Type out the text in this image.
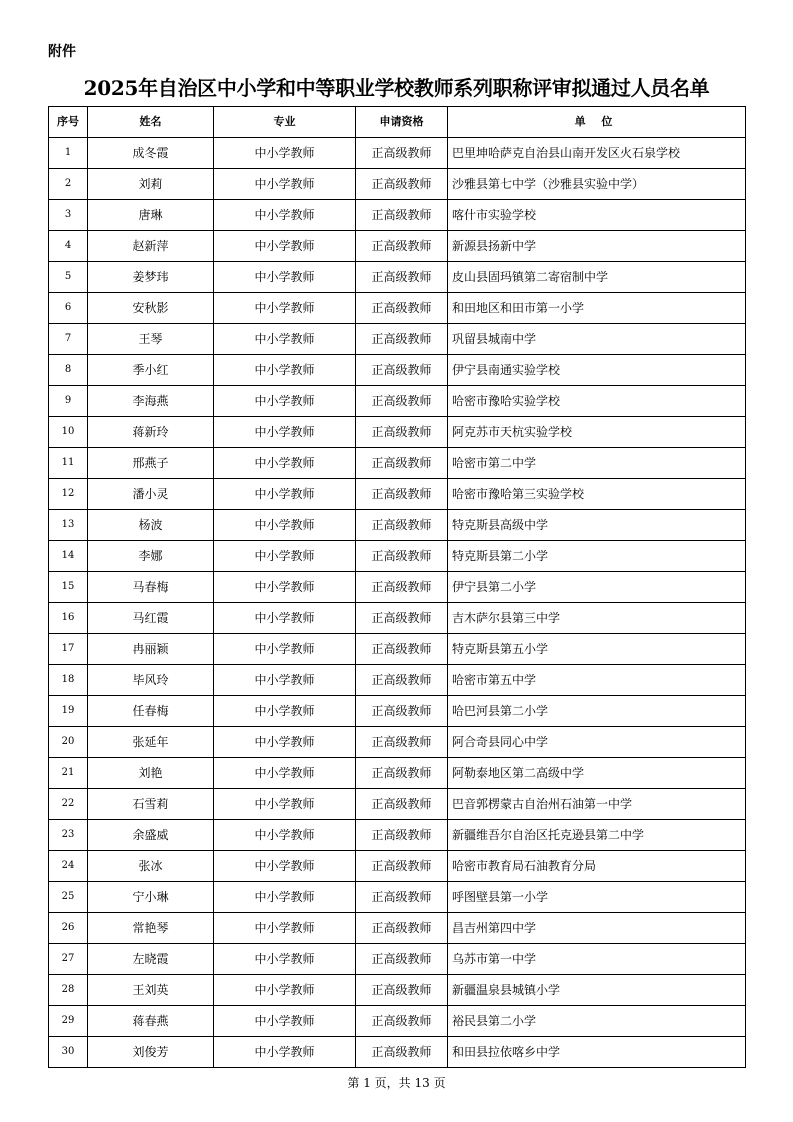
附件
2025年自治区中小学和中等职业学校教师系列职称评审拟通过人员名单
序号	姓名	专业	申请资格	单 位
1	成冬霞	中小学教师	正高级教师	巴里坤哈萨克自治县山南开发区火石泉学校
2	刘莉	中小学教师	正高级教师	沙雅县第七中学（沙雅县实验中学）
3	唐琳	中小学教师	正高级教师	喀什市实验学校
4	赵新萍	中小学教师	正高级教师	新源县扬新中学
5	姜梦玮	中小学教师	正高级教师	皮山县固玛镇第二寄宿制中学
6	安秋影	中小学教师	正高级教师	和田地区和田市第一小学
7	王琴	中小学教师	正高级教师	巩留县城南中学
8	季小红	中小学教师	正高级教师	伊宁县南通实验学校
9	李海燕	中小学教师	正高级教师	哈密市豫哈实验学校
10	蒋新玲	中小学教师	正高级教师	阿克苏市天杭实验学校
11	邢燕子	中小学教师	正高级教师	哈密市第二中学
12	潘小灵	中小学教师	正高级教师	哈密市豫哈第三实验学校
13	杨波	中小学教师	正高级教师	特克斯县高级中学
14	李娜	中小学教师	正高级教师	特克斯县第二小学
15	马春梅	中小学教师	正高级教师	伊宁县第二小学
16	马红霞	中小学教师	正高级教师	吉木萨尔县第三中学
17	冉丽颖	中小学教师	正高级教师	特克斯县第五小学
18	毕风玲	中小学教师	正高级教师	哈密市第五中学
19	任春梅	中小学教师	正高级教师	哈巴河县第二小学
20	张延年	中小学教师	正高级教师	阿合奇县同心中学
21	刘艳	中小学教师	正高级教师	阿勒泰地区第二高级中学
22	石雪莉	中小学教师	正高级教师	巴音郭楞蒙古自治州石油第一中学
23	余盛威	中小学教师	正高级教师	新疆维吾尔自治区托克逊县第二中学
24	张冰	中小学教师	正高级教师	哈密市教育局石油教育分局
25	宁小琳	中小学教师	正高级教师	呼图壁县第一小学
26	常艳琴	中小学教师	正高级教师	昌吉州第四中学
27	左晓霞	中小学教师	正高级教师	乌苏市第一中学
28	王刘英	中小学教师	正高级教师	新疆温泉县城镇小学
29	蒋春燕	中小学教师	正高级教师	裕民县第二小学
30	刘俊芳	中小学教师	正高级教师	和田县拉依喀乡中学
第 1 页，共 13 页
